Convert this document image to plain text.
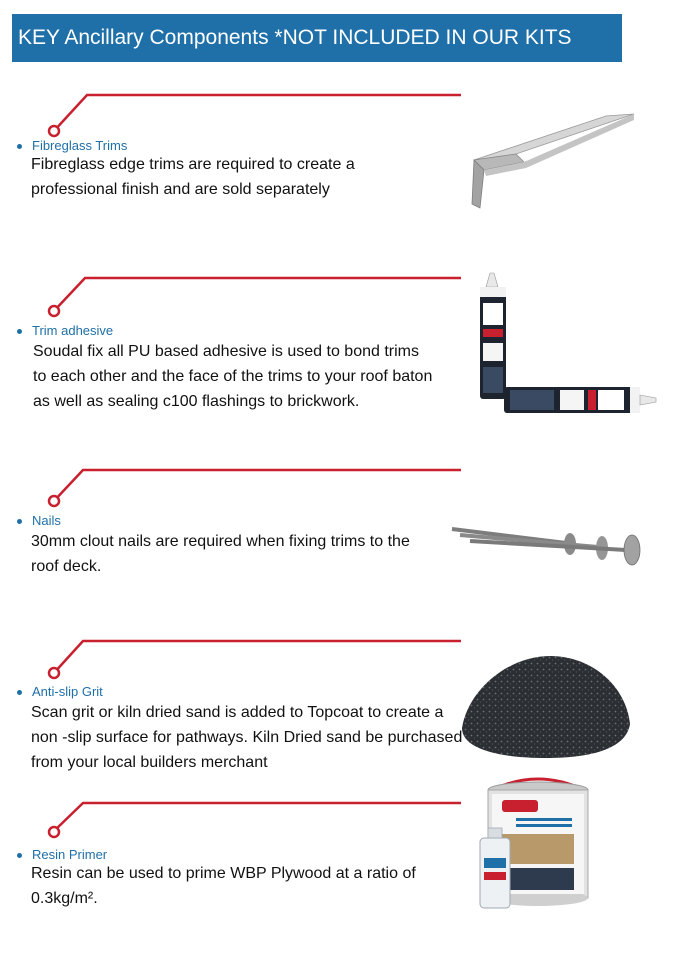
KEY Ancillary Components *NOT INCLUDED IN OUR KITS
Fibreglass Trims

Fibreglass edge trims are required to create a professional finish and are sold separately

Trim adhesive

Soudal fix all PU based adhesive is used to bond trims to each other and the face of the trims to your roof baton as well as sealing c100 flashings to brickwork.

Nails

30mm clout nails are required when fixing trims to the roof deck.

Anti-slip Grit

Scan grit or kiln dried sand is added to Topcoat to create a non -slip surface for pathways. Kiln Dried sand be purchased from your local builders merchant

Resin Primer

Resin can be used to prime WBP Plywood at a ratio of 0.3kg/m².
